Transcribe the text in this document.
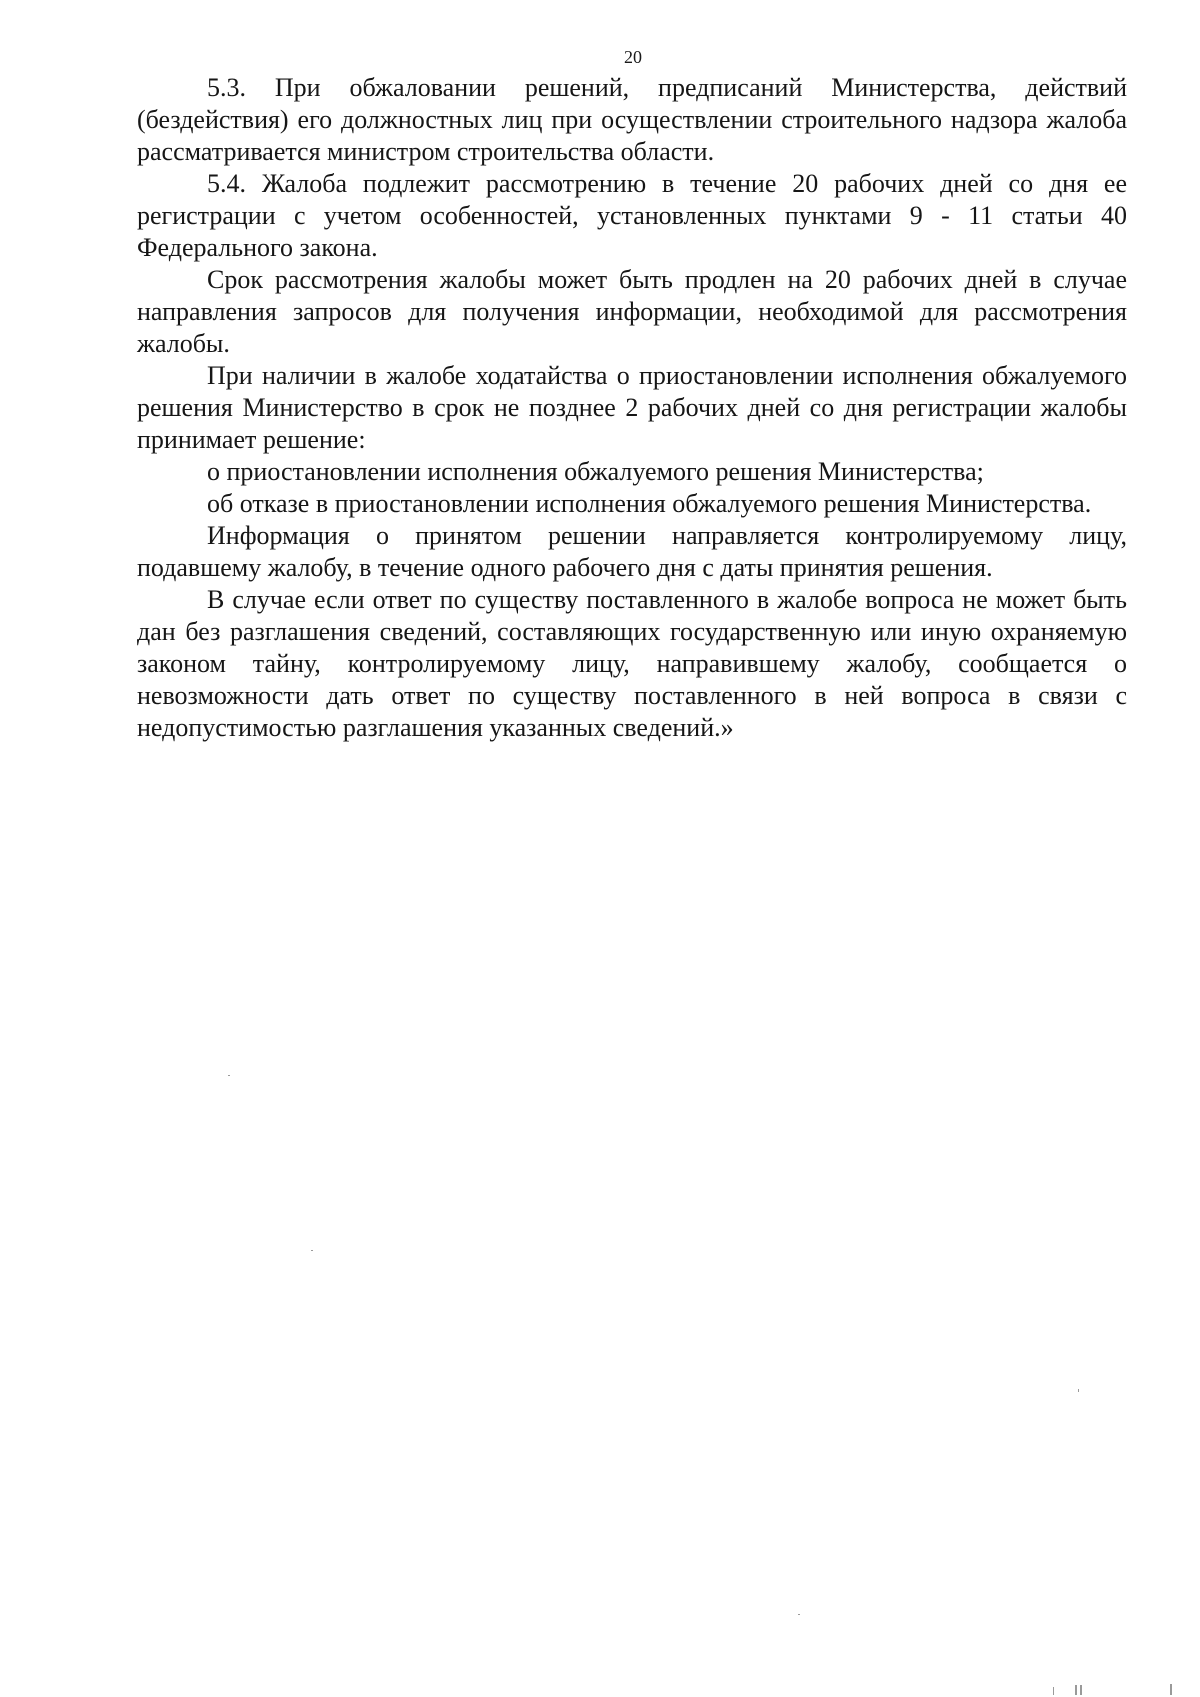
20

5.3. При обжаловании решений, предписаний Министерства, действий (бездействия) его должностных лиц при осуществлении строительного надзора жалоба рассматривается министром строительства области.

5.4. Жалоба подлежит рассмотрению в течение 20 рабочих дней со дня ее регистрации с учетом особенностей, установленных пунктами 9 - 11 статьи 40 Федерального закона.

Срок рассмотрения жалобы может быть продлен на 20 рабочих дней в случае направления запросов для получения информации, необходимой для рассмотрения жалобы.

При наличии в жалобе ходатайства о приостановлении исполнения обжалуемого решения Министерство в срок не позднее 2 рабочих дней со дня регистрации жалобы принимает решение:

о приостановлении исполнения обжалуемого решения Министерства;

об отказе в приостановлении исполнения обжалуемого решения Министерства.

Информация о принятом решении направляется контролируемому лицу, подавшему жалобу, в течение одного рабочего дня с даты принятия решения.

В случае если ответ по существу поставленного в жалобе вопроса не может быть дан без разглашения сведений, составляющих государственную или иную охраняемую законом тайну, контролируемому лицу, направившему жалобу, сообщается о невозможности дать ответ по существу поставленного в ней вопроса в связи с недопустимостью разглашения указанных сведений.»
